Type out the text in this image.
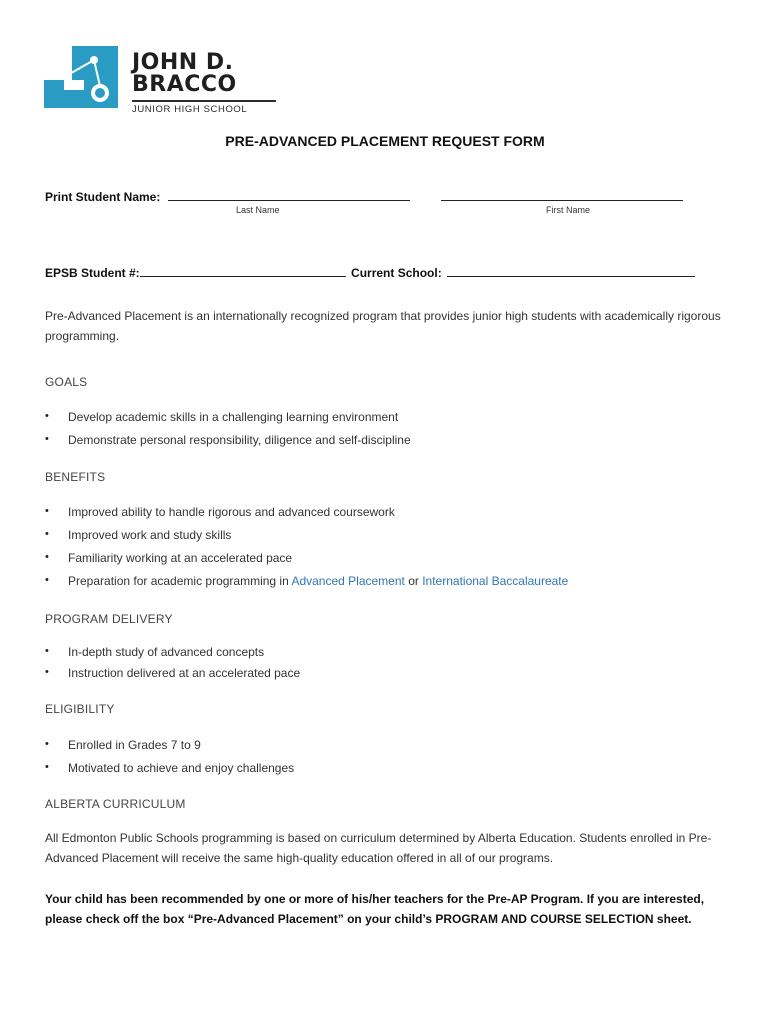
JOHN D.
BRACCO
JUNIOR HIGH SCHOOL
PRE-ADVANCED PLACEMENT REQUEST FORM
Print Student Name:
Last Name	First Name
EPSB Student #:	Current School:
Pre-Advanced Placement is an internationally recognized program that provides junior high students with academically rigorous programming.
GOALS
• Develop academic skills in a challenging learning environment
• Demonstrate personal responsibility, diligence and self-discipline
BENEFITS
• Improved ability to handle rigorous and advanced coursework
• Improved work and study skills
• Familiarity working at an accelerated pace
• Preparation for academic programming in Advanced Placement or International Baccalaureate
PROGRAM DELIVERY
• In-depth study of advanced concepts
• Instruction delivered at an accelerated pace
ELIGIBILITY
• Enrolled in Grades 7 to 9
• Motivated to achieve and enjoy challenges
ALBERTA CURRICULUM
All Edmonton Public Schools programming is based on curriculum determined by Alberta Education. Students enrolled in Pre-Advanced Placement will receive the same high-quality education offered in all of our programs.
Your child has been recommended by one or more of his/her teachers for the Pre-AP Program. If you are interested, please check off the box “Pre-Advanced Placement” on your child’s PROGRAM AND COURSE SELECTION sheet.
